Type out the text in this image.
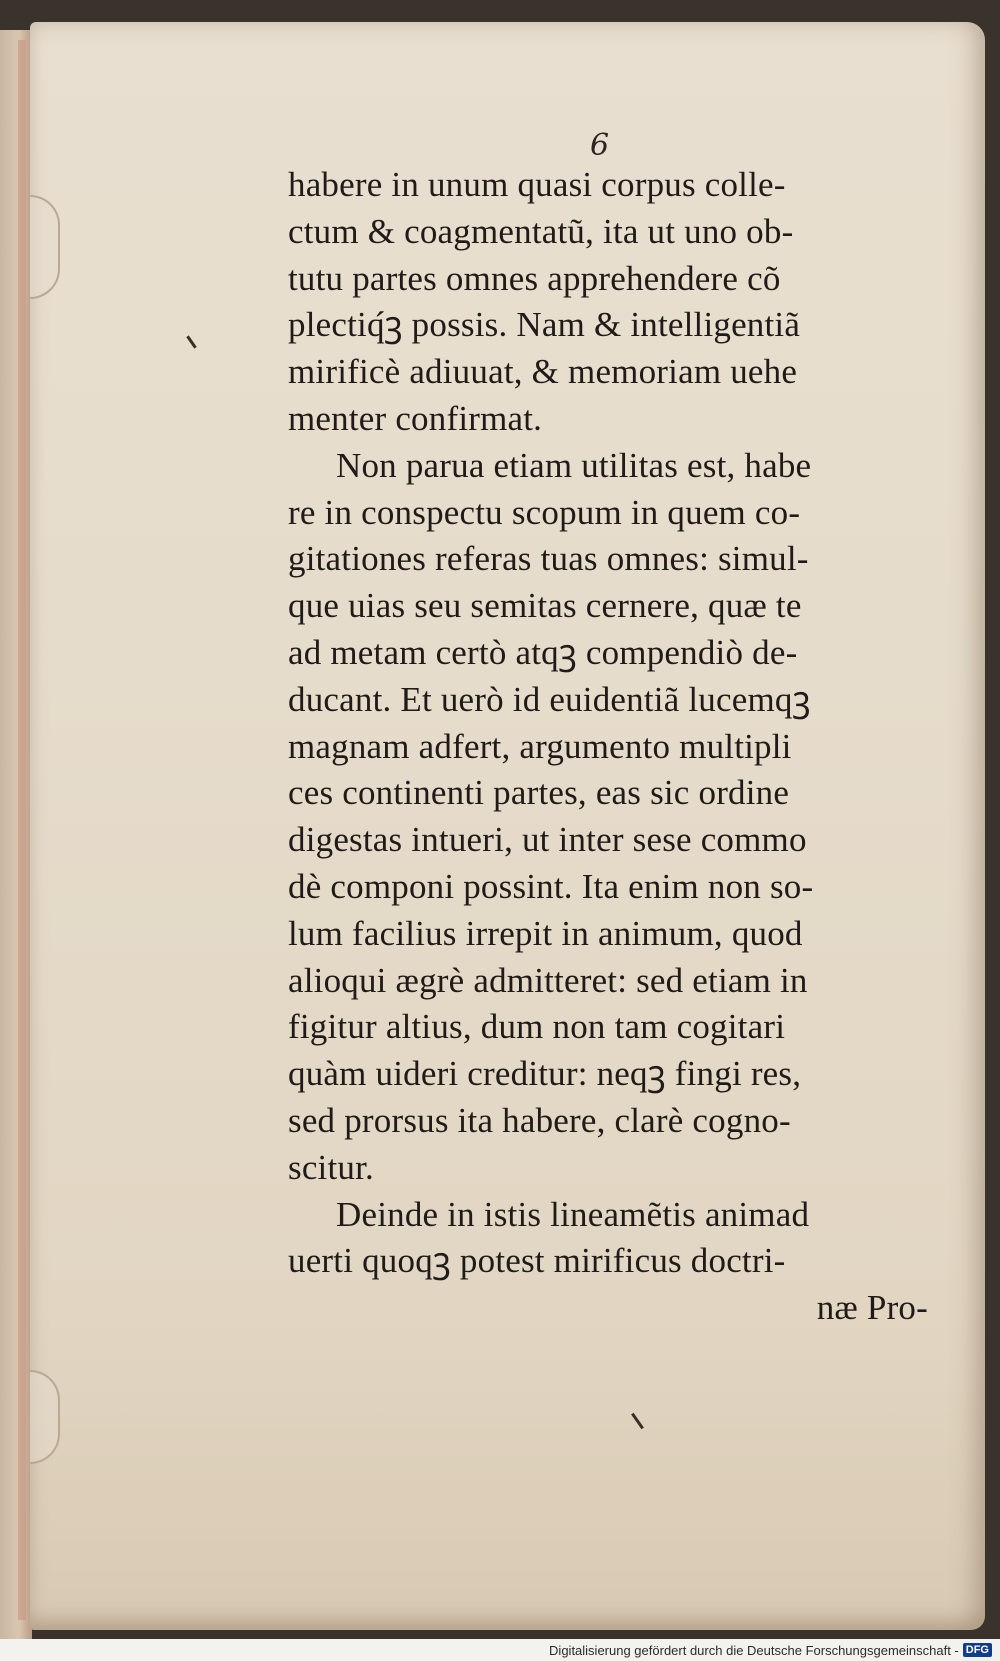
6
habere in unum quasi corpus colle-
ctum & coagmentatũ, ita ut uno ob-
tutu partes omnes apprehendere cõ
plectiq́ꝫ possis. Nam & intelligentiã
mirificè adiuuat, & memoriam uehe
menter confirmat.
Non parua etiam utilitas est, habe
re in conspectu scopum in quem co-
gitationes referas tuas omnes: simul-
que uias seu semitas cernere, quæ te
ad metam certò atqꝫ compendiò de-
ducant. Et uerò id euidentiã lucemqꝫ
magnam adfert, argumento multipli
ces continenti partes, eas sic ordine
digestas intueri, ut inter sese commo
dè componi possint. Ita enim non so-
lum facilius irrepit in animum, quod
alioqui ægrè admitteret: sed etiam in
figitur altius, dum non tam cogitari
quàm uideri creditur: neqꝫ fingi res,
sed prorsus ita habere, clarè cogno-
scitur.
Deinde in istis lineamẽtis animad
uerti quoqꝫ potest mirificus doctri-
næ Pro-
Digitalisierung gefördert durch die Deutsche Forschungsgemeinschaft - DFG
